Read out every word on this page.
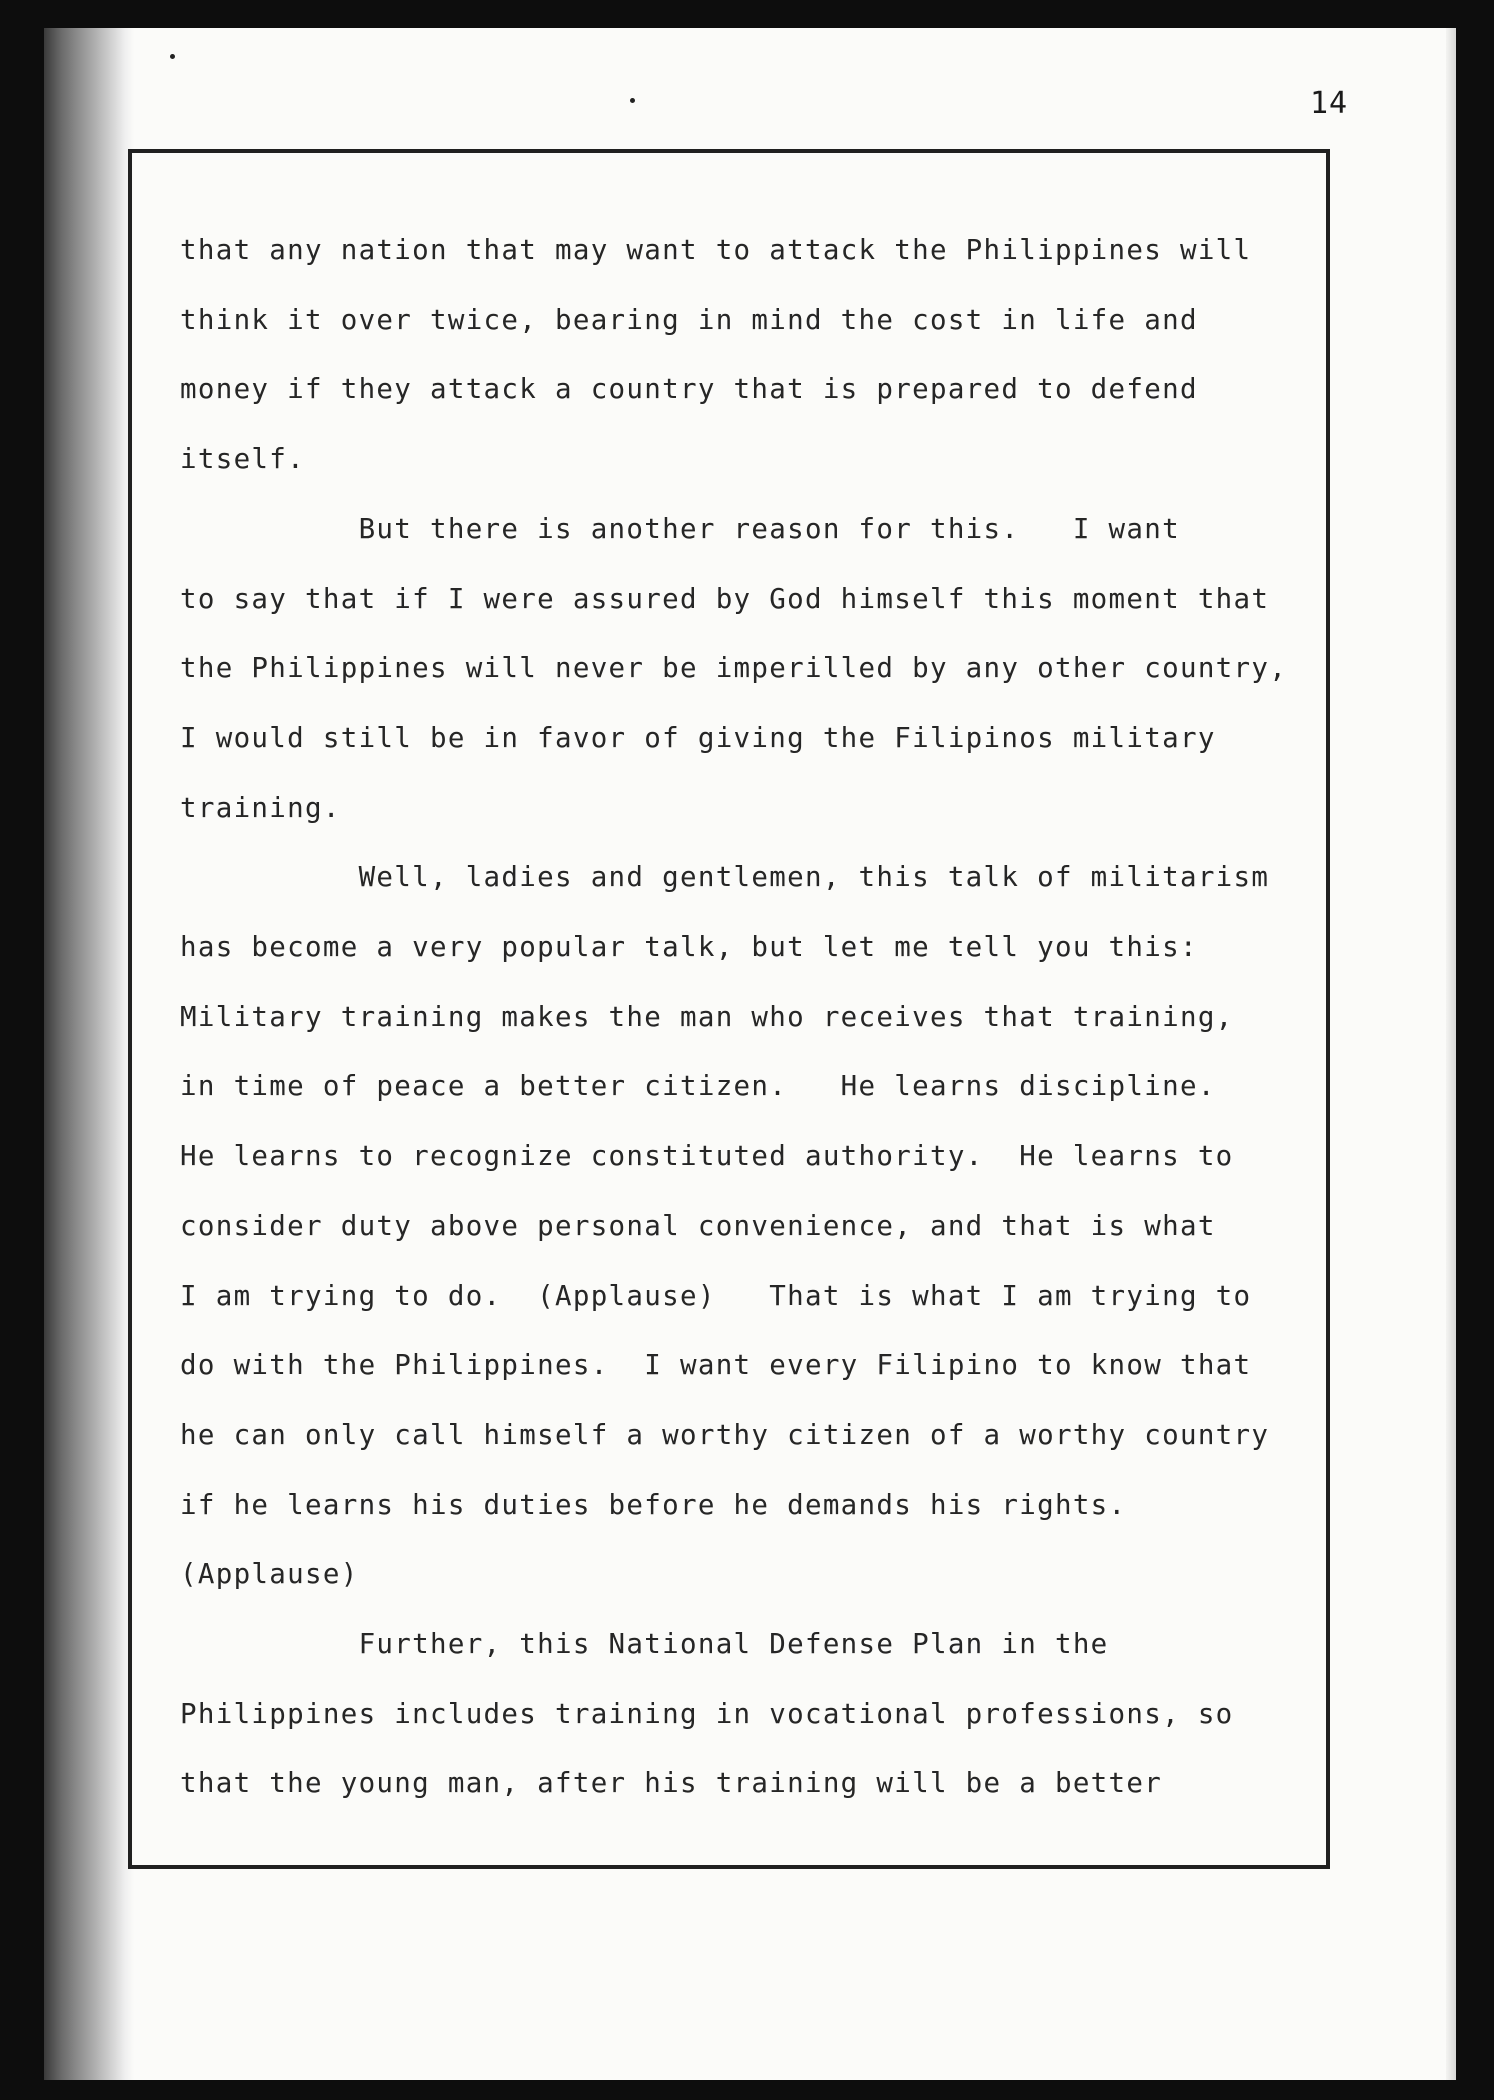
14
that any nation that may want to attack the Philippines will
think it over twice, bearing in mind the cost in life and
money if they attack a country that is prepared to defend
itself.
But there is another reason for this.   I want
to say that if I were assured by God himself this moment that
the Philippines will never be imperilled by any other country,
I would still be in favor of giving the Filipinos military
training.
Well, ladies and gentlemen, this talk of militarism
has become a very popular talk, but let me tell you this:
Military training makes the man who receives that training,
in time of peace a better citizen.   He learns discipline.
He learns to recognize constituted authority.  He learns to
consider duty above personal convenience, and that is what
I am trying to do.  (Applause)   That is what I am trying to
do with the Philippines.  I want every Filipino to know that
he can only call himself a worthy citizen of a worthy country
if he learns his duties before he demands his rights.
(Applause)
Further, this National Defense Plan in the
Philippines includes training in vocational professions, so
that the young man, after his training will be a better
